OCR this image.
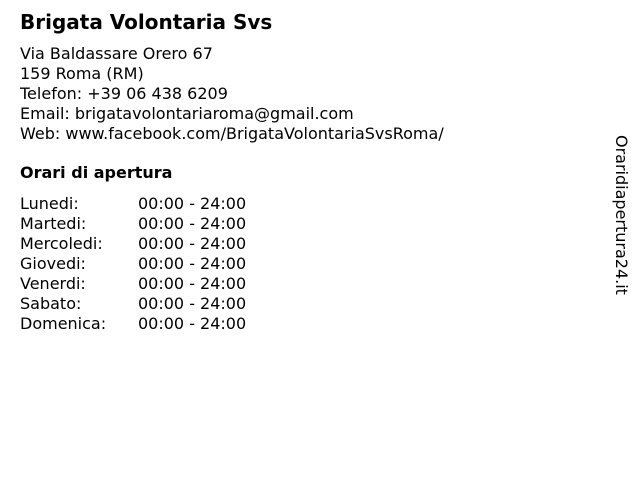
Brigata Volontaria Svs
Via Baldassare Orero 67
159 Roma (RM)
Telefon: +39 06 438 6209
Email: brigatavolontariaroma@gmail.com
Web: www.facebook.com/BrigataVolontariaSvsRoma/
Orari di apertura
Lunedi:	00:00 - 24:00
Martedi:	00:00 - 24:00
Mercoledi: 00:00 - 24:00
Giovedi:	00:00 - 24:00
Venerdi:	00:00 - 24:00
Sabato:	00:00 - 24:00
Domenica: 00:00 - 24:00
Oraridiapertura24.it
